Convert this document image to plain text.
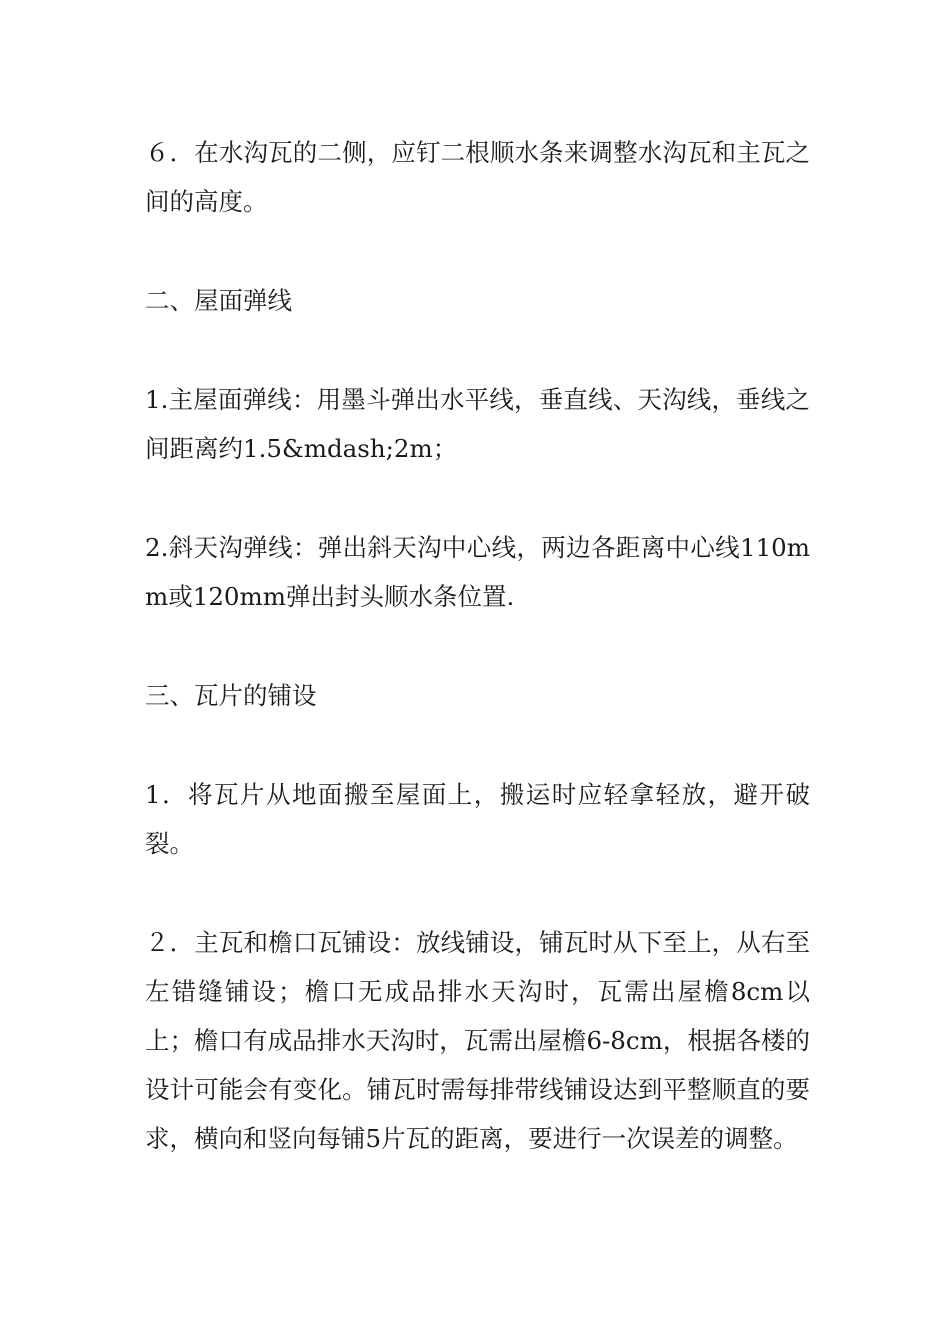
６．在水沟瓦的二侧，应钉二根顺水条来调整水沟瓦和主瓦之间的高度。

二、屋面弹线

1.主屋面弹线：用墨斗弹出水平线，垂直线、天沟线，垂线之间距离约1.5&mdash;2m；

2.斜天沟弹线：弹出斜天沟中心线，两边各距离中心线110mm或120mm弹出封头顺水条位置.

三、瓦片的铺设

1．将瓦片从地面搬至屋面上，搬运时应轻拿轻放，避开破裂。

２．主瓦和檐口瓦铺设：放线铺设，铺瓦时从下至上，从右至左错缝铺设；檐口无成品排水天沟时，瓦需出屋檐8cm以上；檐口有成品排水天沟时，瓦需出屋檐6-8cm，根据各楼的设计可能会有变化。铺瓦时需每排带线铺设达到平整顺直的要求，横向和竖向每铺5片瓦的距离，要进行一次误差的调整。
